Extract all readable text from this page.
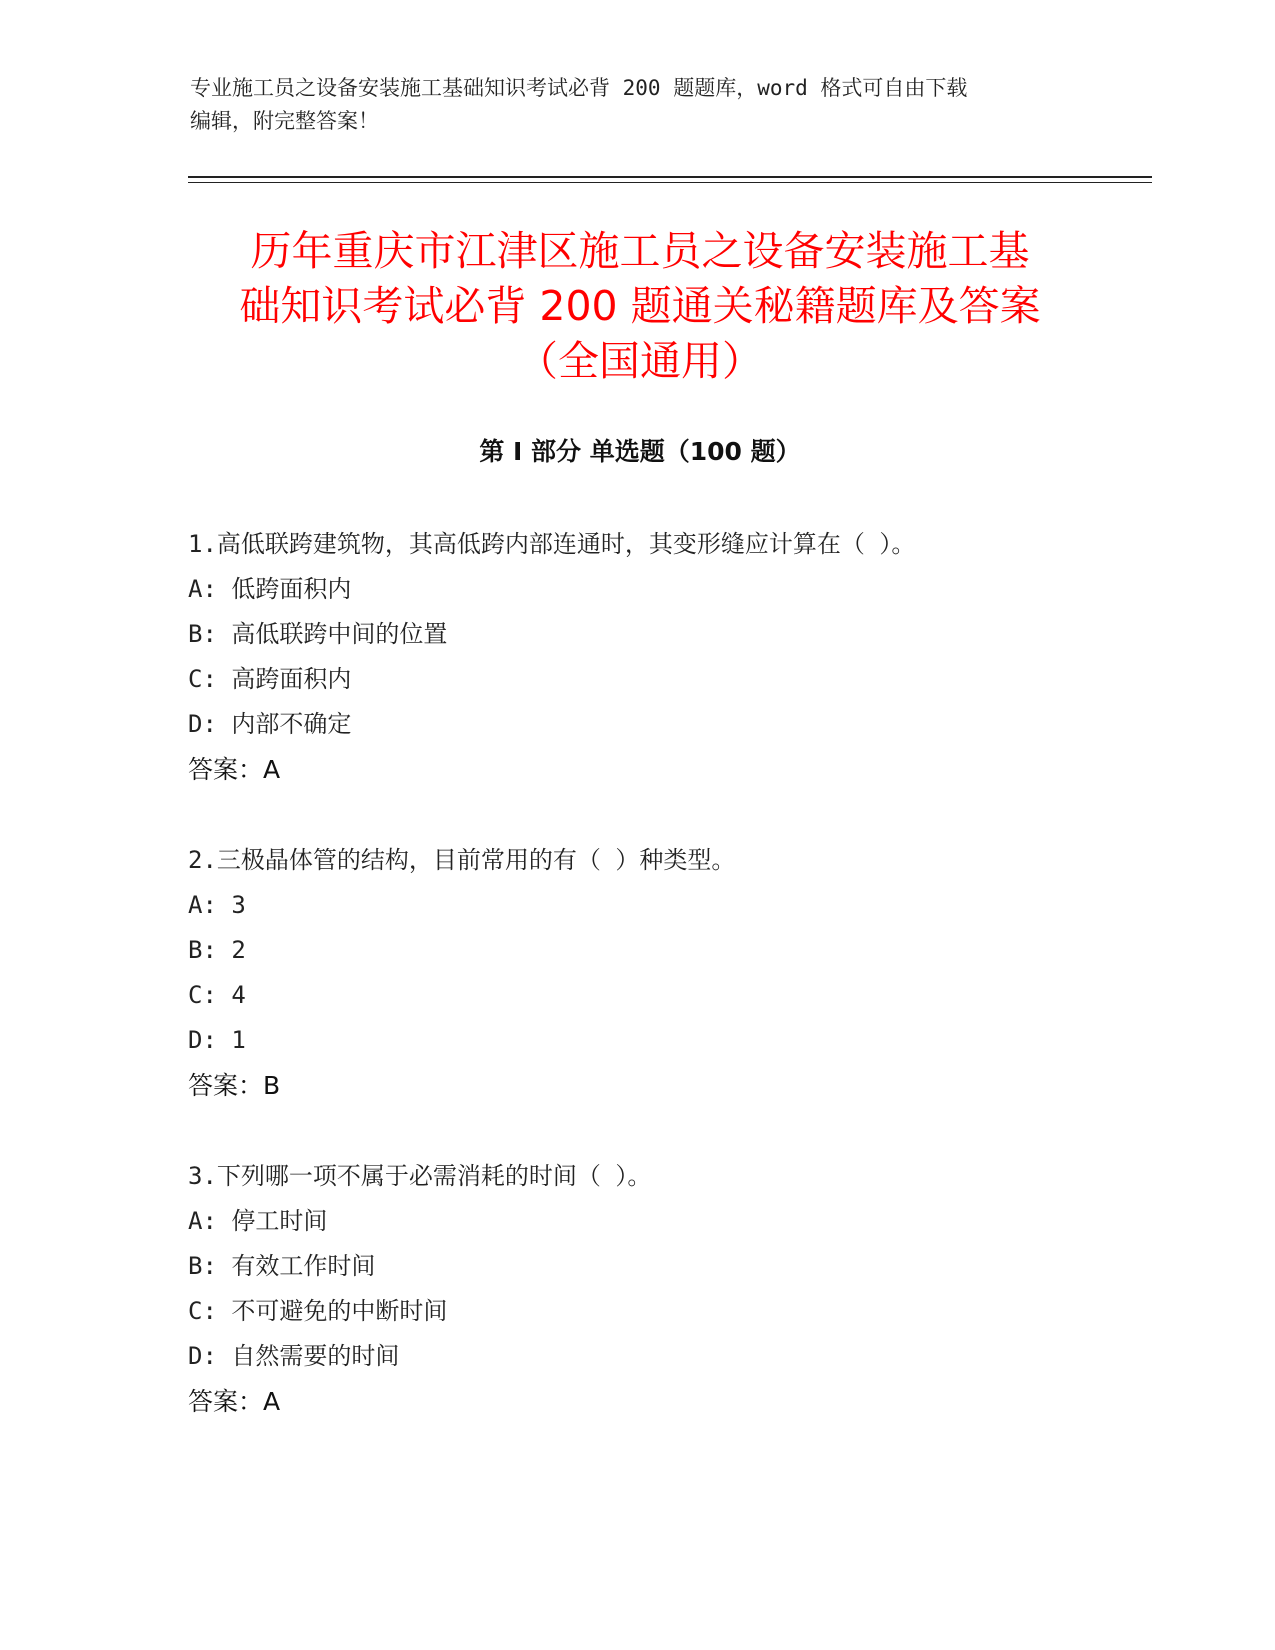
专业施工员之设备安装施工基础知识考试必背 200 题题库，word 格式可自由下载
编辑，附完整答案！
历年重庆市江津区施工员之设备安装施工基
础知识考试必背 200 题通关秘籍题库及答案
（全国通用）
第 I 部分 单选题（100 题）
1.高低联跨建筑物，其高低跨内部连通时，其变形缝应计算在（ ）。
A: 低跨面积内
B: 高低联跨中间的位置
C: 高跨面积内
D: 内部不确定
答案：A
2.三极晶体管的结构，目前常用的有（ ）种类型。
A: 3
B: 2
C: 4
D: 1
答案：B
3.下列哪一项不属于必需消耗的时间（ ）。
A: 停工时间
B: 有效工作时间
C: 不可避免的中断时间
D: 自然需要的时间
答案：A
